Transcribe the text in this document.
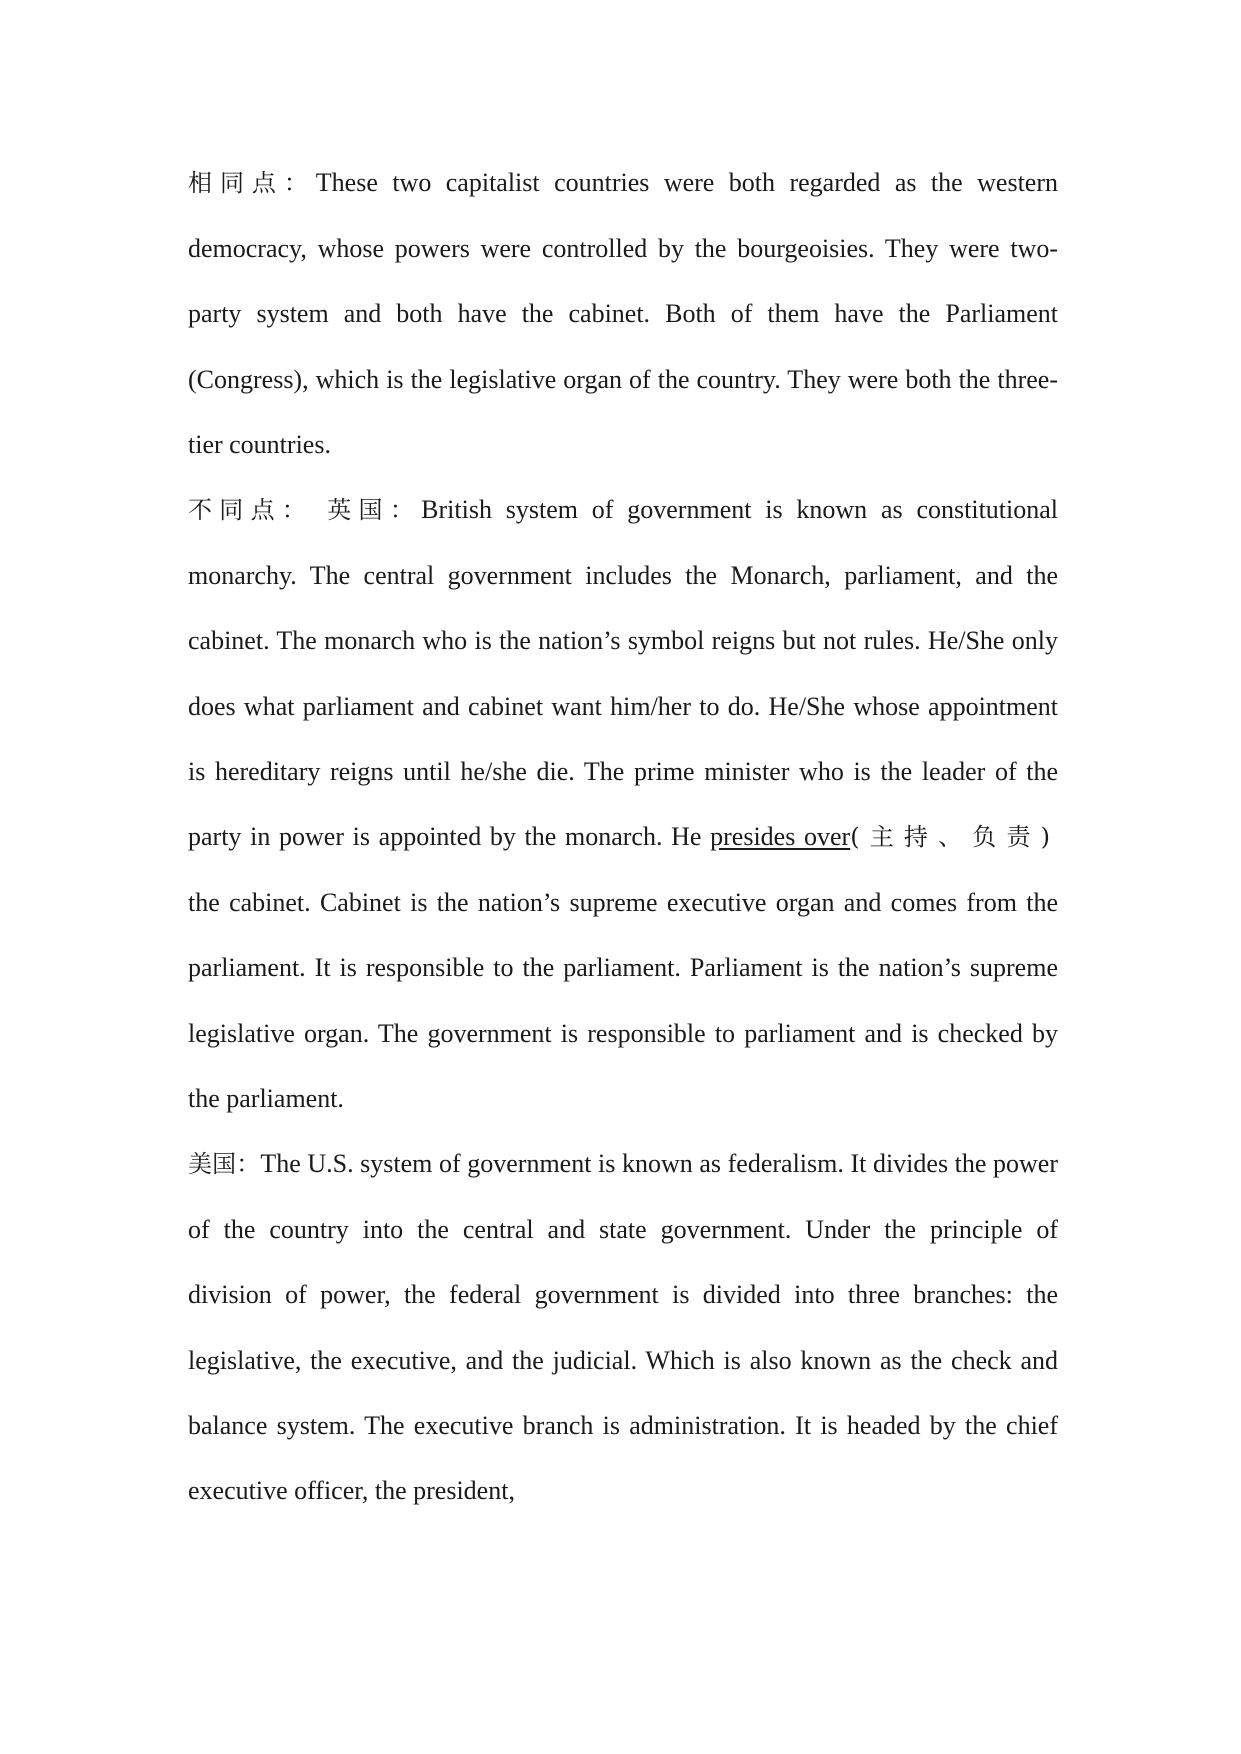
相同点：These two capitalist countries were both regarded as the western democracy, whose powers were controlled by the bourgeoisies. They were two-party system and both have the cabinet. Both of them have the Parliament (Congress), which is the legislative organ of the country. They were both the three-tier countries.

不同点： 英国：British system of government is known as constitutional monarchy. The central government includes the Monarch, parliament, and the cabinet. The monarch who is the nation’s symbol reigns but not rules. He/She only does what parliament and cabinet want him/her to do. He/She whose appointment is hereditary reigns until he/she die. The prime minister who is the leader of the party in power is appointed by the monarch. He presides over(主持、负责) the cabinet. Cabinet is the nation’s supreme executive organ and comes from the parliament. It is responsible to the parliament. Parliament is the nation’s supreme legislative organ. The government is responsible to parliament and is checked by the parliament.

美国：The U.S. system of government is known as federalism. It divides the power of the country into the central and state government. Under the principle of division of power, the federal government is divided into three branches: the legislative, the executive, and the judicial. Which is also known as the check and balance system. The executive branch is administration. It is headed by the chief executive officer, the president,
